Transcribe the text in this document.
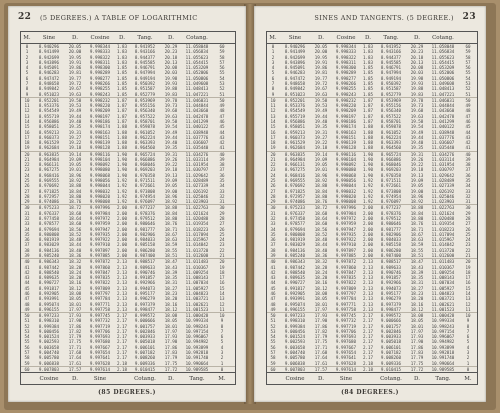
22 (5 DEGREES.) A TABLE OF LOGARITHMIC
M.	Sine	D.	Cosine	D.	Tang.	D.	Cotang.
0	8.940296	20.05	9.998344	1.83	8.941952	20.29	11.058048	60
1	8.941499	20.00	9.998333	1.83	8.943166	20.23	11.056834	59
2	8.942699	19.95	9.998322	1.83	8.944377	20.18	11.055623	58
3	8.943896	19.91	9.998311	1.83	8.945585	20.13	11.054415	57
4	8.945091	19.86	9.998300	1.85	8.946791	20.08	11.053209	56
5	8.946283	19.81	9.998289	1.85	8.947994	20.03	11.052006	55
6	8.947472	19.77	9.998277	1.85	8.949194	19.98	11.050806	54
7	8.948658	19.72	9.998266	1.85	8.950392	19.93	11.049608	53
8	8.949842	19.67	9.998255	1.85	8.951587	19.88	11.048413	52
9	8.951023	19.63	9.998243	1.85	8.952779	19.83	11.047221	51
10	8.952201	19.58	9.998232	1.87	8.953969	19.78	11.046031	50
11	8.953376	19.53	9.998220	1.87	8.955156	19.73	11.044844	49
12	8.954549	19.49	9.998209	1.87	8.956340	19.68	11.043660	48
13	8.955719	19.44	9.998197	1.87	8.957522	19.63	11.042478	47
14	8.956886	19.40	9.998186	1.87	8.958701	19.58	11.041299	46
15	8.958051	19.35	9.998174	1.88	8.959878	19.54	11.040122	45
16	8.959213	19.31	9.998163	1.88	8.961052	19.49	11.038948	44
17	8.960373	19.27	9.998151	1.88	8.962224	19.44	11.037776	43
18	8.961529	19.22	9.998139	1.88	8.963393	19.40	11.036607	42
19	8.962684	19.18	9.998128	1.88	8.964560	19.35	11.035440	41
20	8.963835	19.14	9.998116	1.90	8.965724	19.31	11.034276	40
21	8.964984	19.09	9.998104	1.90	8.966886	19.26	11.033114	39
22	8.966131	19.05	9.998092	1.90	8.968046	19.22	11.031954	38
23	8.967275	19.01	9.998080	1.90	8.969203	19.18	11.030797	37
24	8.968416	18.96	9.998068	1.90	8.970358	19.13	11.029642	36
25	8.969555	18.92	9.998056	1.92	8.971511	19.09	11.028489	35
26	8.970692	18.88	9.998044	1.92	8.972661	19.05	11.027339	34
27	8.971825	18.84	9.998032	1.92	8.973808	19.00	11.026192	33
28	8.972957	18.80	9.998020	1.92	8.974954	18.96	11.025046	32
29	8.974086	18.76	9.998008	1.92	8.976097	18.92	11.023903	31
30	8.975233	18.72	9.997996	2.00	8.977237	18.88	11.022763	30
31	8.976337	18.68	9.997984	2.00	8.978376	18.84	11.021624	29
32	8.977458	18.64	9.997972	2.00	8.979512	18.80	11.020488	28
33	8.978577	18.60	9.997959	2.00	8.980646	18.76	11.019354	27
34	8.979694	18.56	9.997947	2.00	8.981777	18.71	11.018223	26
35	8.980808	18.52	9.997935	2.00	8.982906	18.67	11.017094	25
36	8.981919	18.48	9.997922	2.00	8.984033	18.63	11.015967	24
37	8.983029	18.44	9.997910	2.00	8.985158	18.59	11.014842	23
38	8.984136	18.40	9.997897	2.00	8.986280	18.55	11.013720	22
39	8.985240	18.36	9.997885	2.00	8.987400	18.51	11.012600	21
40	8.986343	18.32	9.997872	2.13	8.988517	18.47	11.011483	20
41	8.987442	18.28	9.997860	2.13	8.989633	18.43	11.010367	19
42	8.988540	18.24	9.997847	2.13	8.990746	18.39	11.009254	18
43	8.989635	18.20	9.997835	2.13	8.991857	18.35	11.008143	17
44	8.990727	18.16	9.997822	2.13	8.992966	18.31	11.007034	16
45	8.991817	18.12	9.997809	2.13	8.994073	18.27	11.005927	15
46	8.992905	18.08	9.997797	2.13	8.995177	18.23	11.004823	14
47	8.993991	18.05	9.997784	2.13	8.996279	18.20	11.003721	13
48	8.995074	18.01	9.997771	2.13	8.997379	18.16	11.002621	12
49	8.996155	17.97	9.997758	2.13	8.998477	18.12	11.001523	11
50	8.997233	17.93	9.997745	2.17	8.999572	18.08	11.000428	10
51	8.998310	17.90	9.997732	2.17	9.000666	18.05	10.999334	9
52	8.999384	17.86	9.997719	2.17	9.001757	18.01	10.998243	8
53	9.000456	17.82	9.997706	2.17	9.002846	17.97	10.997154	7
54	9.001524	17.79	9.997693	2.17	9.003933	17.93	10.996067	6
55	9.002593	17.75	9.997680	2.17	9.005018	17.90	10.994982	5
56	9.003658	17.71	9.997667	2.17	9.006101	17.86	10.993899	4
57	9.004740	17.68	9.997654	2.17	9.007182	17.83	10.992818	3
58	9.005780	17.64	9.997641	2.17	9.008260	17.79	10.991740	2
59	9.006838	17.61	9.997628	2.18	9.009336	17.75	10.990664	1
60	9.007803	17.57	9.997614	2.18	9.010415	17.72	10.989585	0
Cosine	D.	Sine	Cotang.	D.	Tang.	M.
(85 DEGREES.)
SINES AND TANGENTS. (5 DEGREE.) 23
M.	Sine	D.	Cosine	D.	Tang.	D.	Cotang.
0	8.940296	20.05	9.998344	1.83	8.941952	20.29	11.058048	60
1	8.941499	20.00	9.998333	1.83	8.943166	20.23	11.056834	59
2	8.942699	19.95	9.998322	1.83	8.944377	20.18	11.055623	58
3	8.943896	19.91	9.998311	1.83	8.945585	20.13	11.054415	57
4	8.945091	19.86	9.998300	1.85	8.946791	20.08	11.053209	56
5	8.946283	19.81	9.998289	1.85	8.947994	20.03	11.052006	55
6	8.947472	19.77	9.998277	1.85	8.949194	19.98	11.050806	54
7	8.948658	19.72	9.998266	1.85	8.950392	19.93	11.049608	53
8	8.949842	19.67	9.998255	1.85	8.951587	19.88	11.048413	52
9	8.951023	19.63	9.998243	1.85	8.952779	19.83	11.047221	51
10	8.952201	19.58	9.998232	1.87	8.953969	19.78	11.046031	50
11	8.953376	19.53	9.998220	1.87	8.955156	19.73	11.044844	49
12	8.954549	19.49	9.998209	1.87	8.956340	19.68	11.043660	48
13	8.955719	19.44	9.998197	1.87	8.957522	19.63	11.042478	47
14	8.956886	19.40	9.998186	1.87	8.958701	19.58	11.041299	46
15	8.958051	19.35	9.998174	1.88	8.959878	19.54	11.040122	45
16	8.959213	19.31	9.998163	1.88	8.961052	19.49	11.038948	44
17	8.960373	19.27	9.998151	1.88	8.962224	19.44	11.037776	43
18	8.961529	19.22	9.998139	1.88	8.963393	19.40	11.036607	42
19	8.962684	19.18	9.998128	1.88	8.964560	19.35	11.035440	41
20	8.963835	19.14	9.998116	1.90	8.965724	19.31	11.034276	40
21	8.964984	19.09	9.998104	1.90	8.966886	19.26	11.033114	39
22	8.966131	19.05	9.998092	1.90	8.968046	19.22	11.031954	38
23	8.967275	19.01	9.998080	1.90	8.969203	19.18	11.030797	37
24	8.968416	18.96	9.998068	1.90	8.970358	19.13	11.029642	36
25	8.969555	18.92	9.998056	1.92	8.971511	19.09	11.028489	35
26	8.970692	18.88	9.998044	1.92	8.972661	19.05	11.027339	34
27	8.971825	18.84	9.998032	1.92	8.973808	19.00	11.026192	33
28	8.972957	18.80	9.998020	1.92	8.974954	18.96	11.025046	32
29	8.974086	18.76	9.998008	1.92	8.976097	18.92	11.023903	31
30	8.975233	18.72	9.997996	2.00	8.977237	18.88	11.022763	30
31	8.976337	18.68	9.997984	2.00	8.978376	18.84	11.021624	29
32	8.977458	18.64	9.997972	2.00	8.979512	18.80	11.020488	28
33	8.978577	18.60	9.997959	2.00	8.980646	18.76	11.019354	27
34	8.979694	18.56	9.997947	2.00	8.981777	18.71	11.018223	26
35	8.980808	18.52	9.997935	2.00	8.982906	18.67	11.017094	25
36	8.981919	18.48	9.997922	2.00	8.984033	18.63	11.015967	24
37	8.983029	18.44	9.997910	2.00	8.985158	18.59	11.014842	23
38	8.984136	18.40	9.997897	2.00	8.986280	18.55	11.013720	22
39	8.985240	18.36	9.997885	2.00	8.987400	18.51	11.012600	21
40	8.986343	18.32	9.997872	2.13	8.988517	18.47	11.011483	20
41	8.987442	18.28	9.997860	2.13	8.989633	18.43	11.010367	19
42	8.988540	18.24	9.997847	2.13	8.990746	18.39	11.009254	18
43	8.989635	18.20	9.997835	2.13	8.991857	18.35	11.008143	17
44	8.990727	18.16	9.997822	2.13	8.992966	18.31	11.007034	16
45	8.991817	18.12	9.997809	2.13	8.994073	18.27	11.005927	15
46	8.992905	18.08	9.997797	2.13	8.995177	18.23	11.004823	14
47	8.993991	18.05	9.997784	2.13	8.996279	18.20	11.003721	13
48	8.995074	18.01	9.997771	2.13	8.997379	18.16	11.002621	12
49	8.996155	17.97	9.997758	2.13	8.998477	18.12	11.001523	11
50	8.997233	17.93	9.997745	2.17	8.999572	18.08	11.000428	10
51	8.998310	17.90	9.997732	2.17	9.000666	18.05	10.999334	9
52	8.999384	17.86	9.997719	2.17	9.001757	18.01	10.998243	8
53	9.000456	17.82	9.997706	2.17	9.002846	17.97	10.997154	7
54	9.001524	17.79	9.997693	2.17	9.003933	17.93	10.996067	6
55	9.002593	17.75	9.997680	2.17	9.005018	17.90	10.994982	5
56	9.003658	17.71	9.997667	2.17	9.006101	17.86	10.993899	4
57	9.004740	17.68	9.997654	2.17	9.007182	17.83	10.992818	3
58	9.005780	17.64	9.997641	2.17	9.008260	17.79	10.991740	2
59	9.006838	17.61	9.997628	2.18	9.009336	17.75	10.990664	1
60	9.007803	17.57	9.997614	2.18	9.010415	17.72	10.989585	0
Cosine	D.	Sine	Cotang.	D.	Tang.	M.
(84 DEGREES.)
